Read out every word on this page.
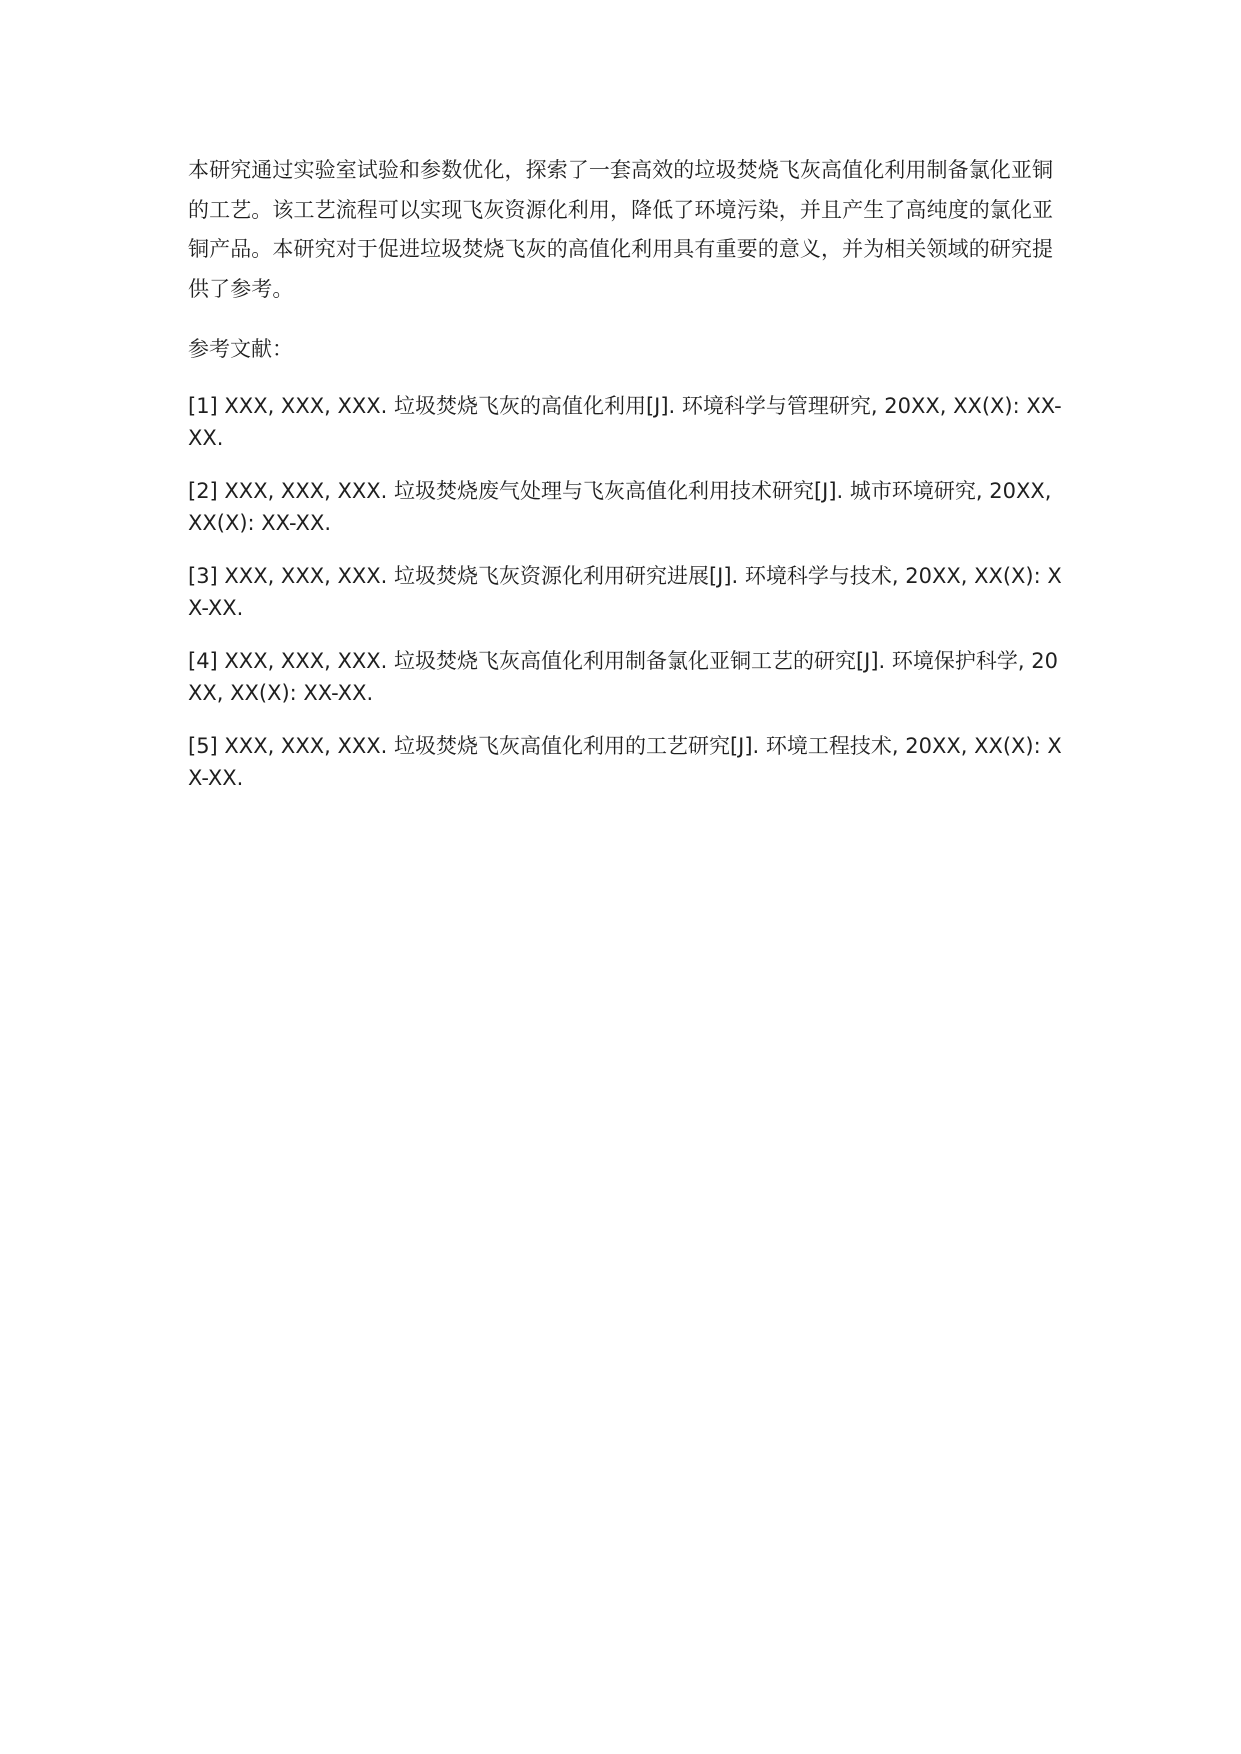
本研究通过实验室试验和参数优化，探索了一套高效的垃圾焚烧飞灰高值化利用制备氯化亚铜的工艺。该工艺流程可以实现飞灰资源化利用，降低了环境污染，并且产生了高纯度的氯化亚铜产品。本研究对于促进垃圾焚烧飞灰的高值化利用具有重要的意义，并为相关领域的研究提供了参考。

参考文献：

[1] XXX, XXX, XXX. 垃圾焚烧飞灰的高值化利用[J]. 环境科学与管理研究, 20XX, XX(X): XX-XX.
[2] XXX, XXX, XXX. 垃圾焚烧废气处理与飞灰高值化利用技术研究[J]. 城市环境研究, 20XX, XX(X): XX-XX.
[3] XXX, XXX, XXX. 垃圾焚烧飞灰资源化利用研究进展[J]. 环境科学与技术, 20XX, XX(X): XX-XX.
[4] XXX, XXX, XXX. 垃圾焚烧飞灰高值化利用制备氯化亚铜工艺的研究[J]. 环境保护科学, 20XX, XX(X): XX-XX.
[5] XXX, XXX, XXX. 垃圾焚烧飞灰高值化利用的工艺研究[J]. 环境工程技术, 20XX, XX(X): XX-XX.
